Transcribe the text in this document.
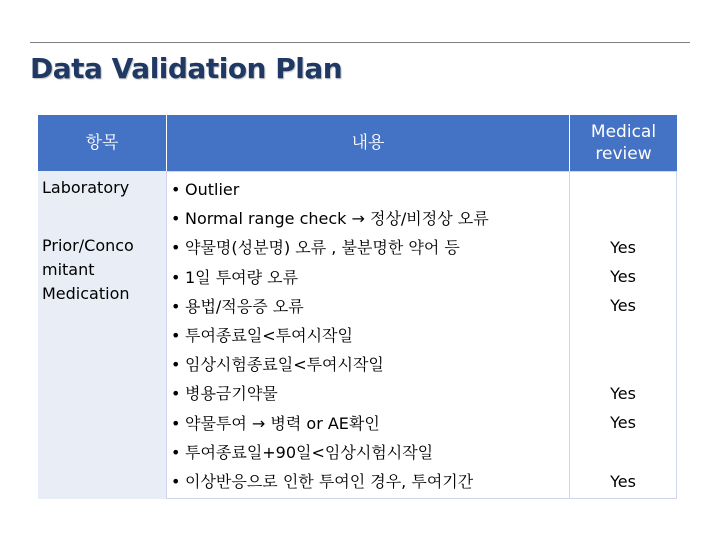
Data Validation Plan
항목	내용
Medical
review
Laboratory
Prior/Conco
mitant
Medication
• Outlier
• Normal range check → 정상/비정상 오류
• 약물명(성분명) 오류 , 불분명한 약어 등
• 1일 투여량 오류
• 용법/적응증 오류
• 투여종료일<투여시작일
• 임상시험종료일<투여시작일
• 병용금기약물
• 약물투여 → 병력 or AE확인
• 투여종료일+90일<임상시험시작일
• 이상반응으로 인한 투여인 경우, 투여기간
Yes
Yes
Yes
Yes
Yes
Yes
